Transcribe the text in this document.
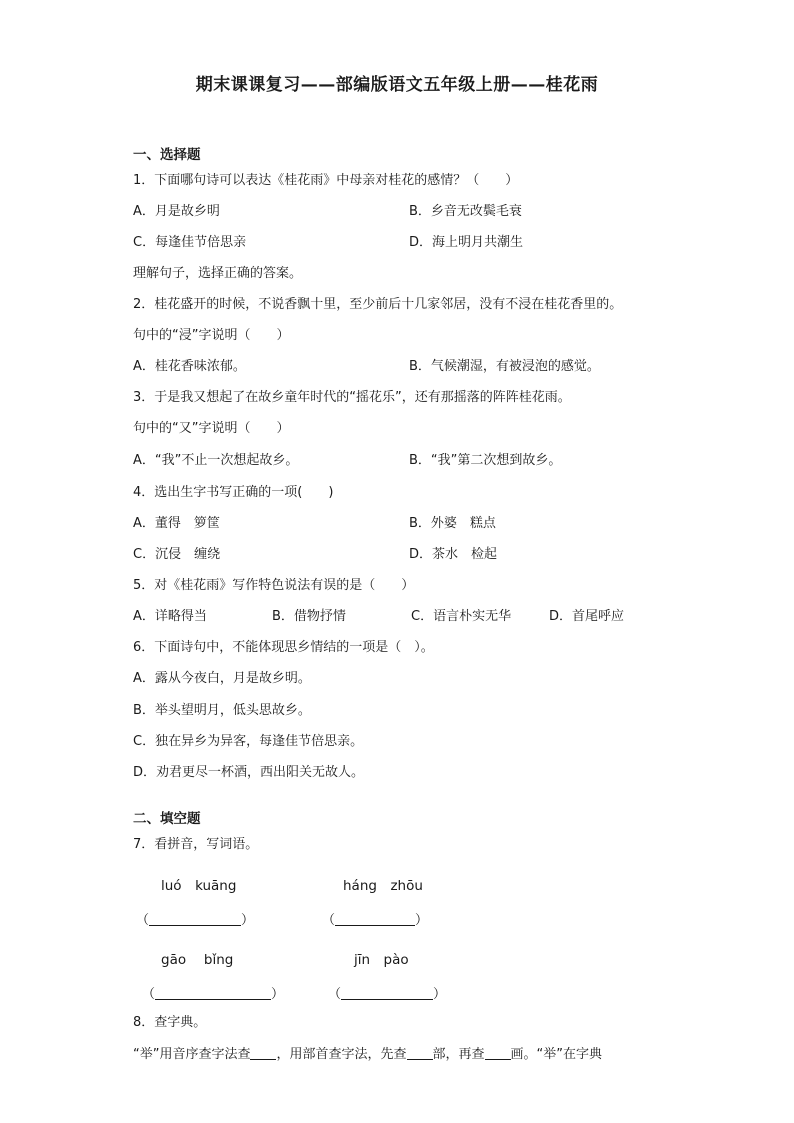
期末课课复习——部编版语文五年级上册——桂花雨
一、选择题
1．下面哪句诗可以表达《桂花雨》中母亲对桂花的感情？（　　）
A．月是故乡明	B．乡音无改鬓毛衰
C．每逢佳节倍思亲	D．海上明月共潮生
理解句子，选择正确的答案。
2．桂花盛开的时候，不说香飘十里，至少前后十几家邻居，没有不浸在桂花香里的。
句中的“浸”字说明（　　）
A．桂花香味浓郁。	B．气候潮湿，有被浸泡的感觉。
3．于是我又想起了在故乡童年时代的“摇花乐”，还有那摇落的阵阵桂花雨。
句中的“又”字说明（　　）
A．“我”不止一次想起故乡。	B．“我”第二次想到故乡。
4．选出生字书写正确的一项(　　)
A．董得　箩筐	B．外婆　糕点
C．沉侵　缠绕	D．茶水　检起
5．对《桂花雨》写作特色说法有误的是（　　）
A．详略得当	B．借物抒情	C．语言朴实无华	D．首尾呼应
6．下面诗句中，不能体现思乡情结的一项是（　）。
A．露从今夜白，月是故乡明。
B．举头望明月，低头思故乡。
C．独在异乡为异客，每逢佳节倍思亲。
D．劝君更尽一杯酒，西出阳关无故人。
二、填空题
7．看拼音，写词语。
luó　kuāng	háng　zhōu
（	）	（	）
gāo　 bǐng	jīn　pào
（	）	（	）
8．查字典。
“举”用音序查字法查 ，用部首查字法，先查 部，再查 画。“举”在字典
